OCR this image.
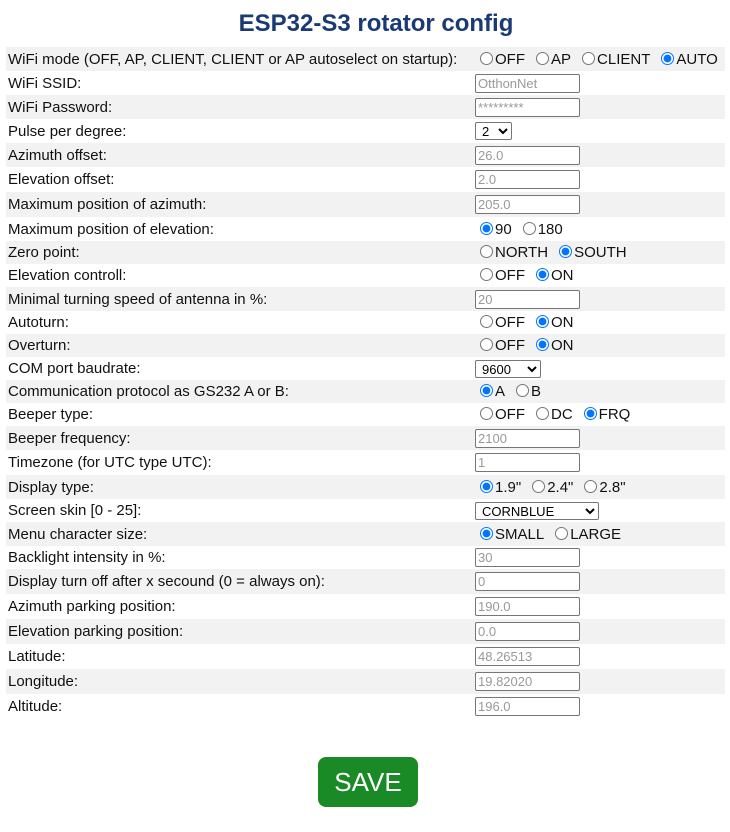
ESP32-S3 rotator config
WiFi mode (OFF, AP, CLIENT, CLIENT or AP autoselect on startup):	OFF AP CLIENT AUTO
WiFi SSID:	OtthonNet
WiFi Password:	*********
Pulse per degree:	
2
Azimuth offset:	26.0
Elevation offset:	2.0
Maximum position of azimuth:	205.0
Maximum position of elevation:	90 180
Zero point:	NORTH SOUTH
Elevation controll:	OFF ON
Minimal turning speed of antenna in %:	20
Autoturn:	OFF ON
Overturn:	OFF ON
COM port baudrate:	
9600
Communication protocol as GS232 A or B:	A B
Beeper type:	OFF DC FRQ
Beeper frequency:	2100
Timezone (for UTC type UTC):	1
Display type:	1.9" 2.4" 2.8"
Screen skin [0 - 25]:	
CORNBLUE
Menu character size:	SMALL LARGE
Backlight intensity in %:	30
Display turn off after x secound (0 = always on):	0
Azimuth parking position:	190.0
Elevation parking position:	0.0
Latitude:	48.26513
Longitude:	19.82020
Altitude:	196.0
SAVE
